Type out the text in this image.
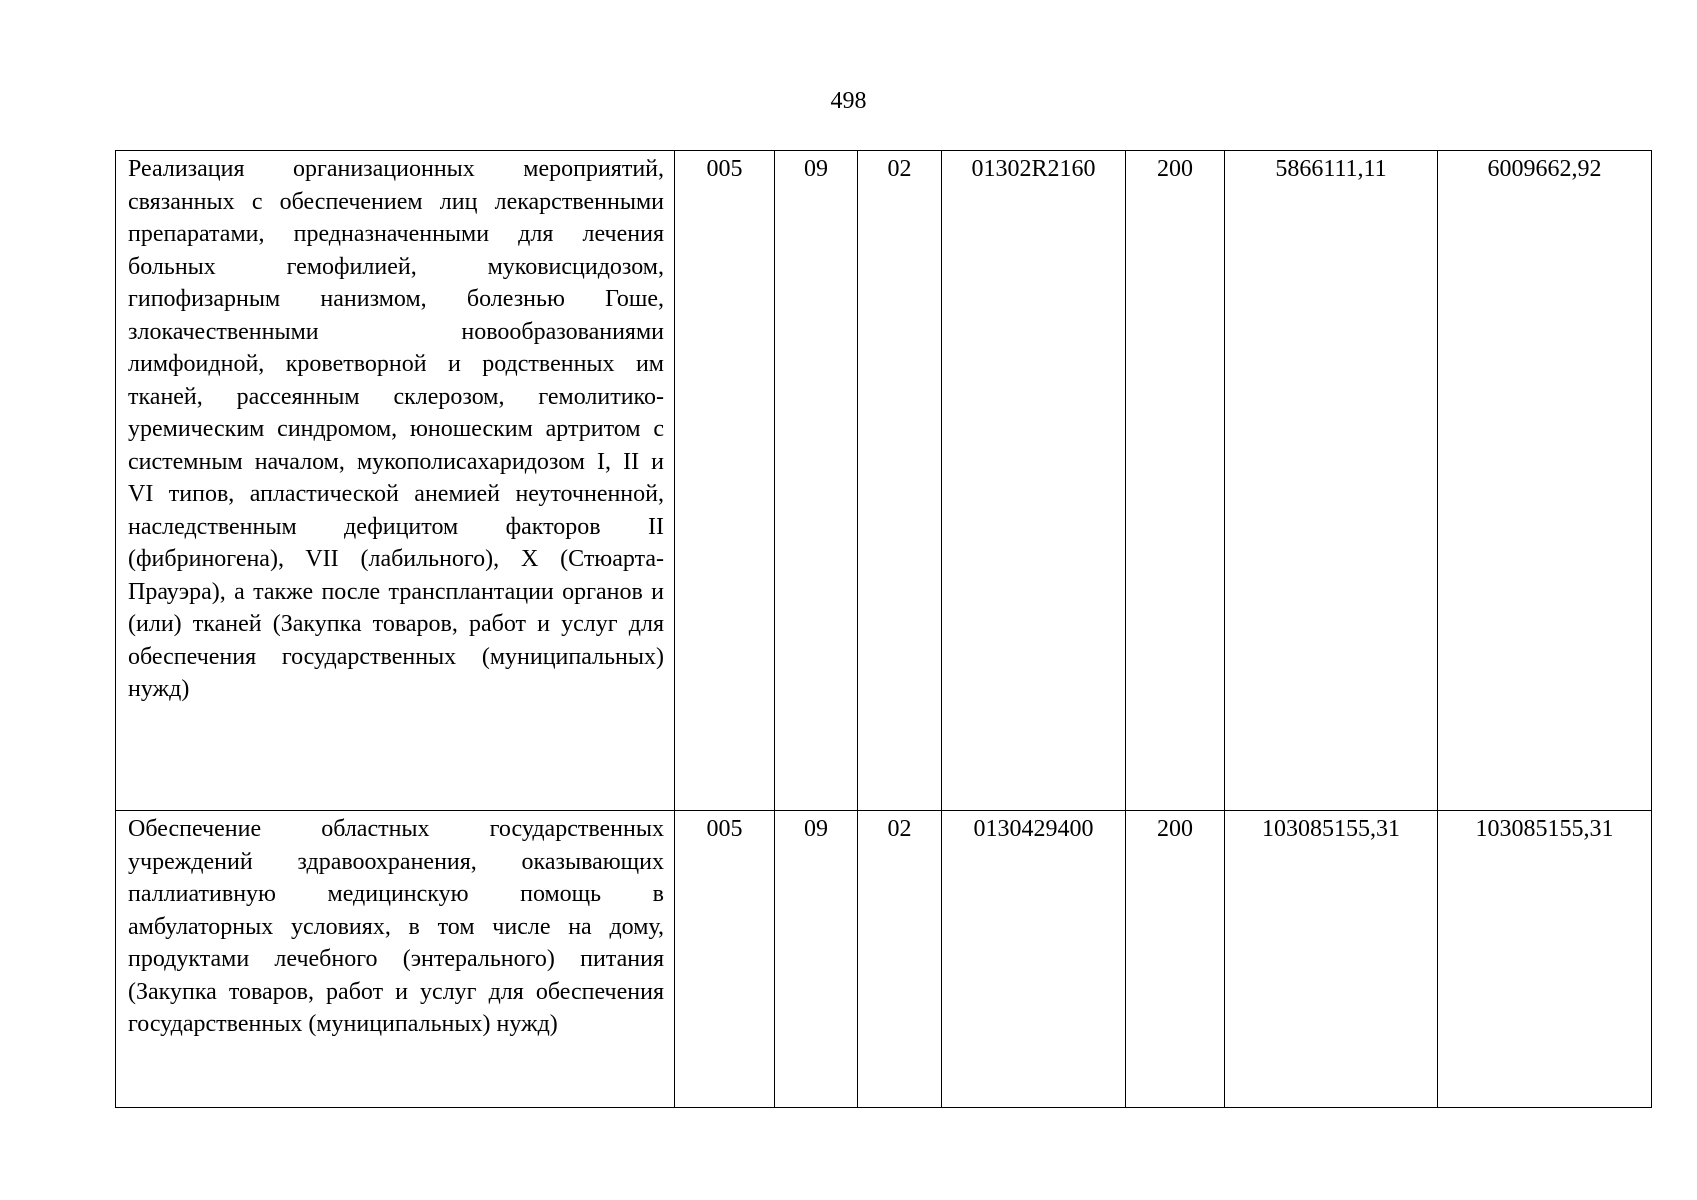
498
Реализация организационных мероприятий, связанных с обеспечением лиц лекарственными препаратами, предназначенными для лечения больных гемофилией, муковисцидозом, гипофизарным нанизмом, болезнью Гоше, злокачественными новообразованиями лимфоидной, кроветворной и родственных им тканей, рассеянным склерозом, гемолитико-уремическим синдромом, юношеским артритом с системным началом, мукополисахаридозом I, II и VI типов, апластической анемией неуточненной, наследственным дефицитом факторов II (фибриногена), VII (лабильного), X (Стюарта-Прауэра), а также после трансплантации органов и (или) тканей (Закупка товаров, работ и услуг для обеспечения государственных (муниципальных) нужд)	005	09	02	01302R2160	200	5866111,11	6009662,92
Обеспечение областных государственных учреждений здравоохранения, оказывающих паллиативную медицинскую помощь в амбулаторных условиях, в том числе на дому, продуктами лечебного (энтерального) питания (Закупка товаров, работ и услуг для обеспечения государственных (муниципальных) нужд)	005	09	02	0130429400	200	103085155,31	103085155,31
